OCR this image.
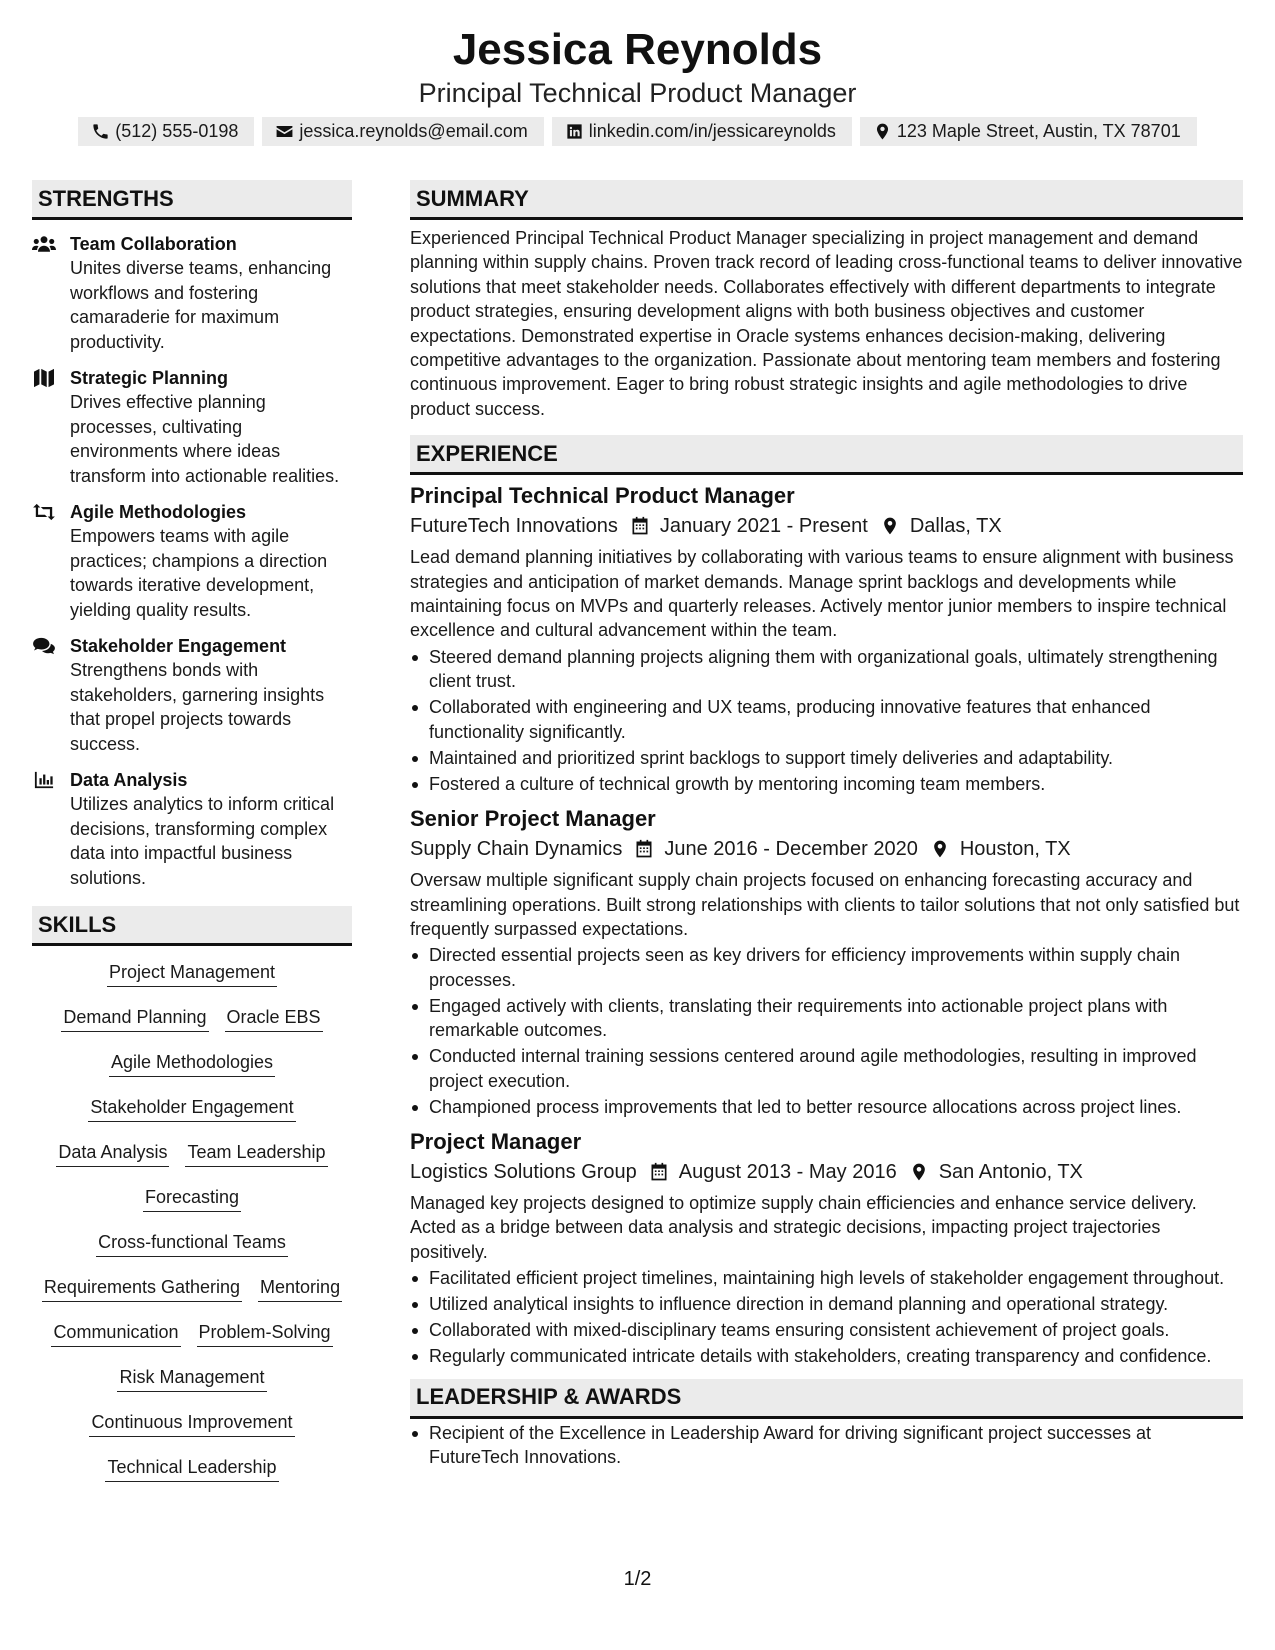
Jessica Reynolds
Principal Technical Product Manager
(512) 555-0198	jessica.reynolds@email.com	linkedin.com/in/jessicareynolds	123 Maple Street, Austin, TX 78701
STRENGTHS
Team Collaboration
Unites diverse teams, enhancing workflows and fostering camaraderie for maximum productivity.
Strategic Planning
Drives effective planning processes, cultivating environments where ideas transform into actionable realities.
Agile Methodologies
Empowers teams with agile practices; champions a direction towards iterative development, yielding quality results.
Stakeholder Engagement
Strengthens bonds with stakeholders, garnering insights that propel projects towards success.
Data Analysis
Utilizes analytics to inform critical decisions, transforming complex data into impactful business solutions.
SKILLS
Project Management
Demand Planning Oracle EBS
Agile Methodologies
Stakeholder Engagement
Data Analysis Team Leadership
Forecasting
Cross-functional Teams
Requirements Gathering Mentoring
Communication Problem-Solving
Risk Management
Continuous Improvement
Technical Leadership
SUMMARY

Experienced Principal Technical Product Manager specializing in project management and demand planning within supply chains. Proven track record of leading cross-functional teams to deliver innovative solutions that meet stakeholder needs. Collaborates effectively with different departments to integrate product strategies, ensuring development aligns with both business objectives and customer expectations. Demonstrated expertise in Oracle systems enhances decision-making, delivering competitive advantages to the organization. Passionate about mentoring team members and fostering continuous improvement. Eager to bring robust strategic insights and agile methodologies to drive product success.

EXPERIENCE
Principal Technical Product Manager
FutureTech Innovations January 2021 - Present Dallas, TX

Lead demand planning initiatives by collaborating with various teams to ensure alignment with business strategies and anticipation of market demands. Manage sprint backlogs and developments while maintaining focus on MVPs and quarterly releases. Actively mentor junior members to inspire technical excellence and cultural advancement within the team.

Steered demand planning projects aligning them with organizational goals, ultimately strengthening client trust.
Collaborated with engineering and UX teams, producing innovative features that enhanced functionality significantly.
Maintained and prioritized sprint backlogs to support timely deliveries and adaptability.
Fostered a culture of technical growth by mentoring incoming team members.
Senior Project Manager
Supply Chain Dynamics June 2016 - December 2020 Houston, TX

Oversaw multiple significant supply chain projects focused on enhancing forecasting accuracy and streamlining operations. Built strong relationships with clients to tailor solutions that not only satisfied but frequently surpassed expectations.

Directed essential projects seen as key drivers for efficiency improvements within supply chain processes.
Engaged actively with clients, translating their requirements into actionable project plans with remarkable outcomes.
Conducted internal training sessions centered around agile methodologies, resulting in improved project execution.
Championed process improvements that led to better resource allocations across project lines.
Project Manager
Logistics Solutions Group August 2013 - May 2016 San Antonio, TX

Managed key projects designed to optimize supply chain efficiencies and enhance service delivery. Acted as a bridge between data analysis and strategic decisions, impacting project trajectories positively.

Facilitated efficient project timelines, maintaining high levels of stakeholder engagement throughout.
Utilized analytical insights to influence direction in demand planning and operational strategy.
Collaborated with mixed-disciplinary teams ensuring consistent achievement of project goals.
Regularly communicated intricate details with stakeholders, creating transparency and confidence.
LEADERSHIP & AWARDS
Recipient of the Excellence in Leadership Award for driving significant project successes at FutureTech Innovations.
1/2
